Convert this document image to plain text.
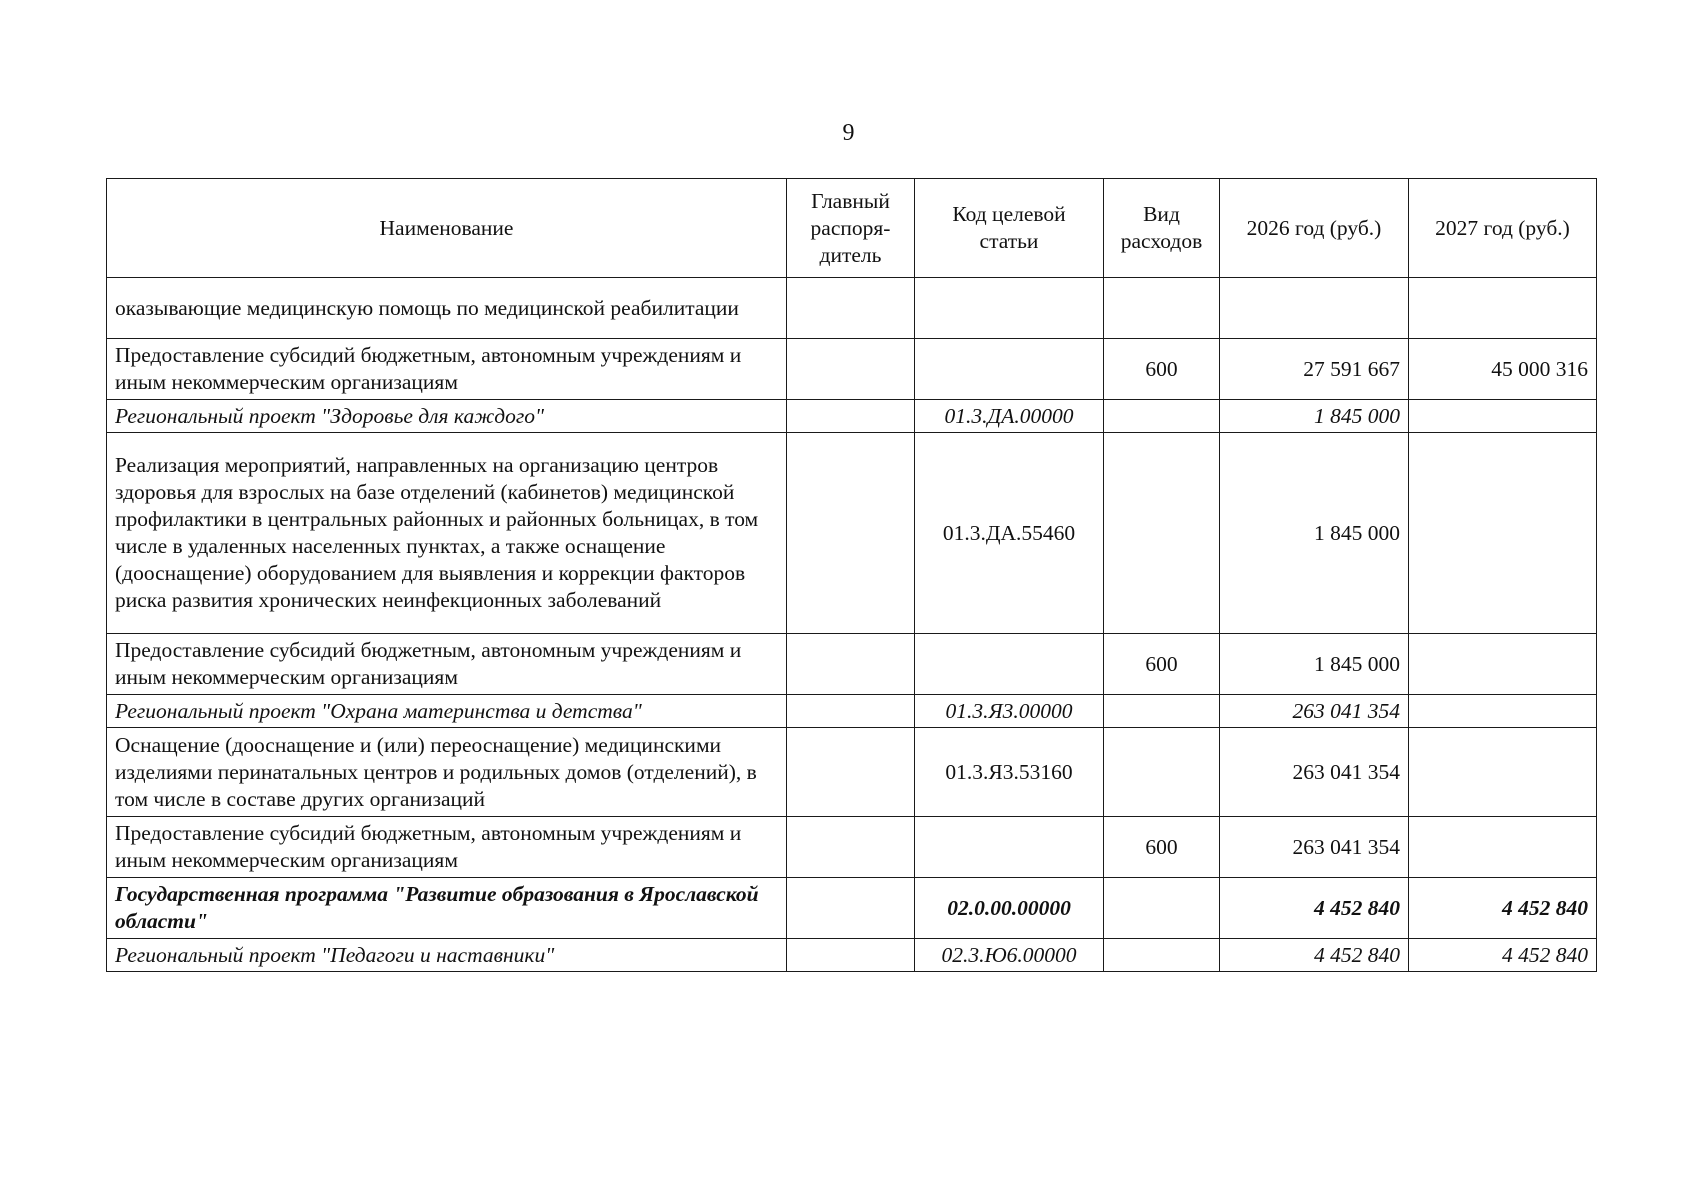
9
Наименование	Главный распоря-дитель	Код целевой статьи	Вид расходов	2026 год (руб.)	2027 год (руб.)
оказывающие медицинскую помощь по медицинской реабилитации					
Предоставление субсидий бюджетным, автономным учреждениям и иным некоммерческим организациям			600	27 591 667	45 000 316
Региональный проект "Здоровье для каждого"		01.3.ДА.00000		1 845 000	
Реализация мероприятий, направленных на организацию центров здоровья для взрослых на базе отделений (кабинетов) медицинской профилактики в центральных районных и районных больницах, в том числе в удаленных населенных пунктах, а также оснащение (дооснащение) оборудованием для выявления и коррекции факторов риска развития хронических неинфекционных заболеваний		01.3.ДА.55460		1 845 000	
Предоставление субсидий бюджетным, автономным учреждениям и иным некоммерческим организациям			600	1 845 000	
Региональный проект "Охрана материнства и детства"		01.3.Я3.00000		263 041 354	
Оснащение (дооснащение и (или) переоснащение) медицинскими изделиями перинатальных центров и родильных домов (отделений), в том числе в составе других организаций		01.3.Я3.53160		263 041 354	
Предоставление субсидий бюджетным, автономным учреждениям и иным некоммерческим организациям			600	263 041 354	
Государственная программа "Развитие образования в Ярославской области"		02.0.00.00000		4 452 840	4 452 840
Региональный проект "Педагоги и наставники"		02.3.Ю6.00000		4 452 840	4 452 840
